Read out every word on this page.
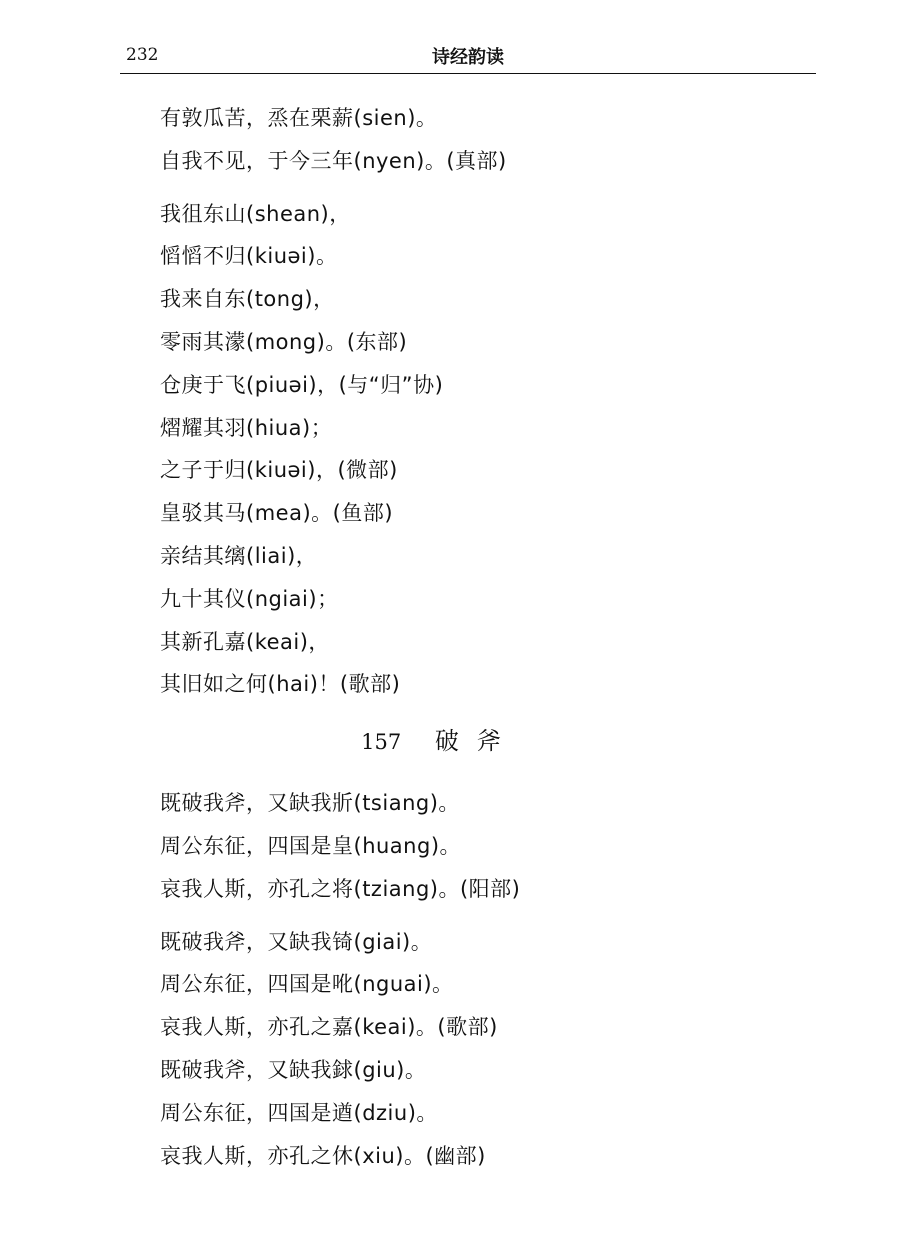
232	诗经韵读
有敦瓜苦，烝在栗薪(sien)。
自我不见，于今三年(nyen)。(真部)
我徂东山(shean)，
慆慆不归(kiuəi)。
我来自东(tong)，
零雨其濛(mong)。(东部)
仓庚于飞(piuəi)，(与“归”协)
熠耀其羽(hiua)；
之子于归(kiuəi)，(微部)
皇驳其马(mea)。(鱼部)
亲结其缡(liai)，
九十其仪(ngiai)；
其新孔嘉(keai)，
其旧如之何(hai)！(歌部)
157 破斧
既破我斧，又缺我斨(tsiang)。
周公东征，四国是皇(huang)。
哀我人斯，亦孔之将(tziang)。(阳部)
既破我斧，又缺我锜(giai)。
周公东征，四国是吪(nguai)。
哀我人斯，亦孔之嘉(keai)。(歌部)
既破我斧，又缺我銶(giu)。
周公东征，四国是遒(dziu)。
哀我人斯，亦孔之休(xiu)。(幽部)
